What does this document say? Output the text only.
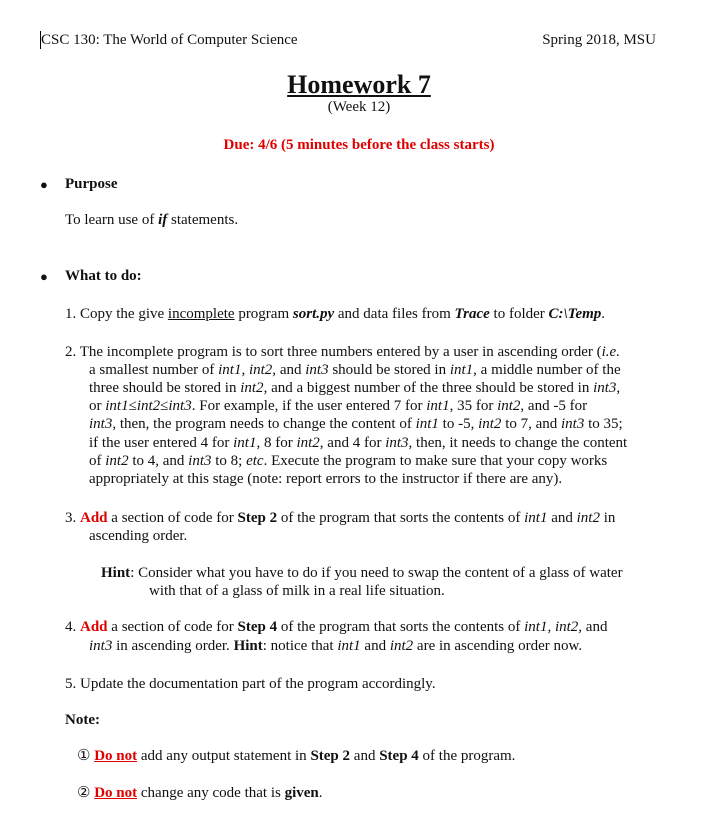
CSC 130: The World of Computer Science	Spring 2018, MSU
Homework 7
(Week 12)
Due: 4/6 (5 minutes before the class starts)
● Purpose
To learn use of if statements.
● What to do:
1. Copy the give incomplete program sort.py and data files from Trace to folder C:\Temp.
2. The incomplete program is to sort three numbers entered by a user in ascending order (i.e.
a smallest number of int1, int2, and int3 should be stored in int1, a middle number of the
three should be stored in int2, and a biggest number of the three should be stored in int3,
or int1≤int2≤int3. For example, if the user entered 7 for int1, 35 for int2, and -5 for
int3, then, the program needs to change the content of int1 to -5, int2 to 7, and int3 to 35;
if the user entered 4 for int1, 8 for int2, and 4 for int3, then, it needs to change the content
of int2 to 4, and int3 to 8; etc. Execute the program to make sure that your copy works
appropriately at this stage (note: report errors to the instructor if there are any).
3. Add a section of code for Step 2 of the program that sorts the contents of int1 and int2 in
ascending order.
Hint: Consider what you have to do if you need to swap the content of a glass of water
with that of a glass of milk in a real life situation.
4. Add a section of code for Step 4 of the program that sorts the contents of int1, int2, and
int3 in ascending order. Hint: notice that int1 and int2 are in ascending order now.
5. Update the documentation part of the program accordingly.
Note:
① Do not add any output statement in Step 2 and Step 4 of the program.
② Do not change any code that is given.
